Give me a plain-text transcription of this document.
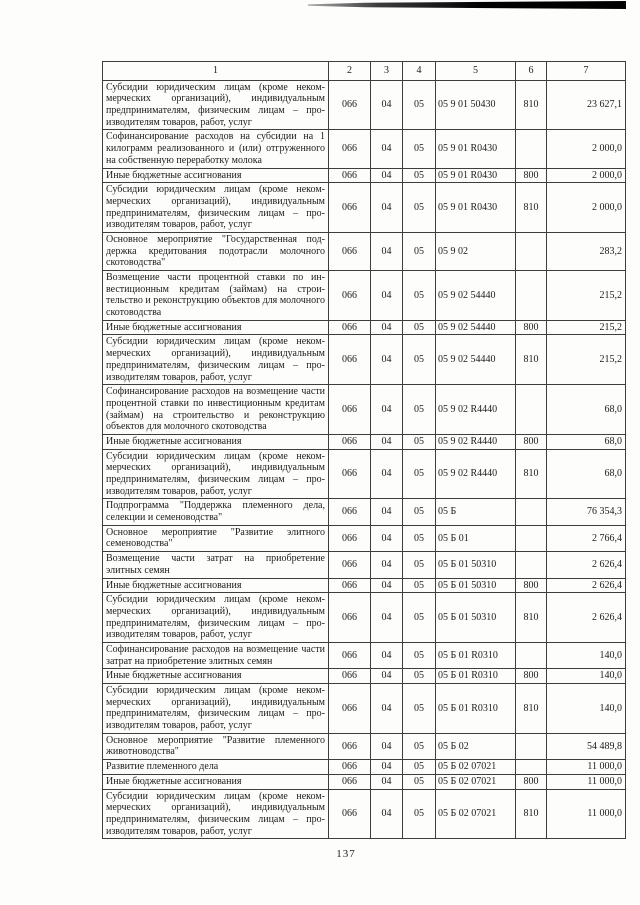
1	2	3	4	5	6	7
Субсидии юридическим лицам (кроме некоммерческих организаций), индивидуальным предпринимателям, физическим лицам – производителям товаров, работ, услуг	066	04	05	05 9 01 50430	810	23 627,1
Софинансирование расходов на субсидии на 1 килограмм реализованного и (или) отгруженного на собственную переработку молока	066	04	05	05 9 01 R0430		2 000,0
Иные бюджетные ассигнования	066	04	05	05 9 01 R0430	800	2 000,0
Субсидии юридическим лицам (кроме некоммерческих организаций), индивидуальным предпринимателям, физическим лицам – производителям товаров, работ, услуг	066	04	05	05 9 01 R0430	810	2 000,0
Основное мероприятие "Государственная поддержка кредитования подотрасли молочного скотоводства"	066	04	05	05 9 02		283,2
Возмещение части процентной ставки по инвестиционным кредитам (займам) на строительство и реконструкцию объектов для молочного скотоводства	066	04	05	05 9 02 54440		215,2
Иные бюджетные ассигнования	066	04	05	05 9 02 54440	800	215,2
Субсидии юридическим лицам (кроме некоммерческих организаций), индивидуальным предпринимателям, физическим лицам – производителям товаров, работ, услуг	066	04	05	05 9 02 54440	810	215,2
Софинансирование расходов на возмещение части процентной ставки по инвестиционным кредитам (займам) на строительство и реконструкцию объектов для молочного скотоводства	066	04	05	05 9 02 R4440		68,0
Иные бюджетные ассигнования	066	04	05	05 9 02 R4440	800	68,0
Субсидии юридическим лицам (кроме некоммерческих организаций), индивидуальным предпринимателям, физическим лицам – производителям товаров, работ, услуг	066	04	05	05 9 02 R4440	810	68,0
Подпрограмма "Поддержка племенного дела, селекции и семеноводства"	066	04	05	05 Б		76 354,3
Основное мероприятие "Развитие элитного семеноводства"	066	04	05	05 Б 01		2 766,4
Возмещение части затрат на приобретение элитных семян	066	04	05	05 Б 01 50310		2 626,4
Иные бюджетные ассигнования	066	04	05	05 Б 01 50310	800	2 626,4
Субсидии юридическим лицам (кроме некоммерческих организаций), индивидуальным предпринимателям, физическим лицам – производителям товаров, работ, услуг	066	04	05	05 Б 01 50310	810	2 626,4
Софинансирование расходов на возмещение части затрат на приобретение элитных семян	066	04	05	05 Б 01 R0310		140,0
Иные бюджетные ассигнования	066	04	05	05 Б 01 R0310	800	140,0
Субсидии юридическим лицам (кроме некоммерческих организаций), индивидуальным предпринимателям, физическим лицам – производителям товаров, работ, услуг	066	04	05	05 Б 01 R0310	810	140,0
Основное мероприятие "Развитие племенного животноводства"	066	04	05	05 Б 02		54 489,8
Развитие племенного дела	066	04	05	05 Б 02 07021		11 000,0
Иные бюджетные ассигнования	066	04	05	05 Б 02 07021	800	11 000,0
Субсидии юридическим лицам (кроме некоммерческих организаций), индивидуальным предпринимателям, физическим лицам – производителям товаров, работ, услуг	066	04	05	05 Б 02 07021	810	11 000,0
137
